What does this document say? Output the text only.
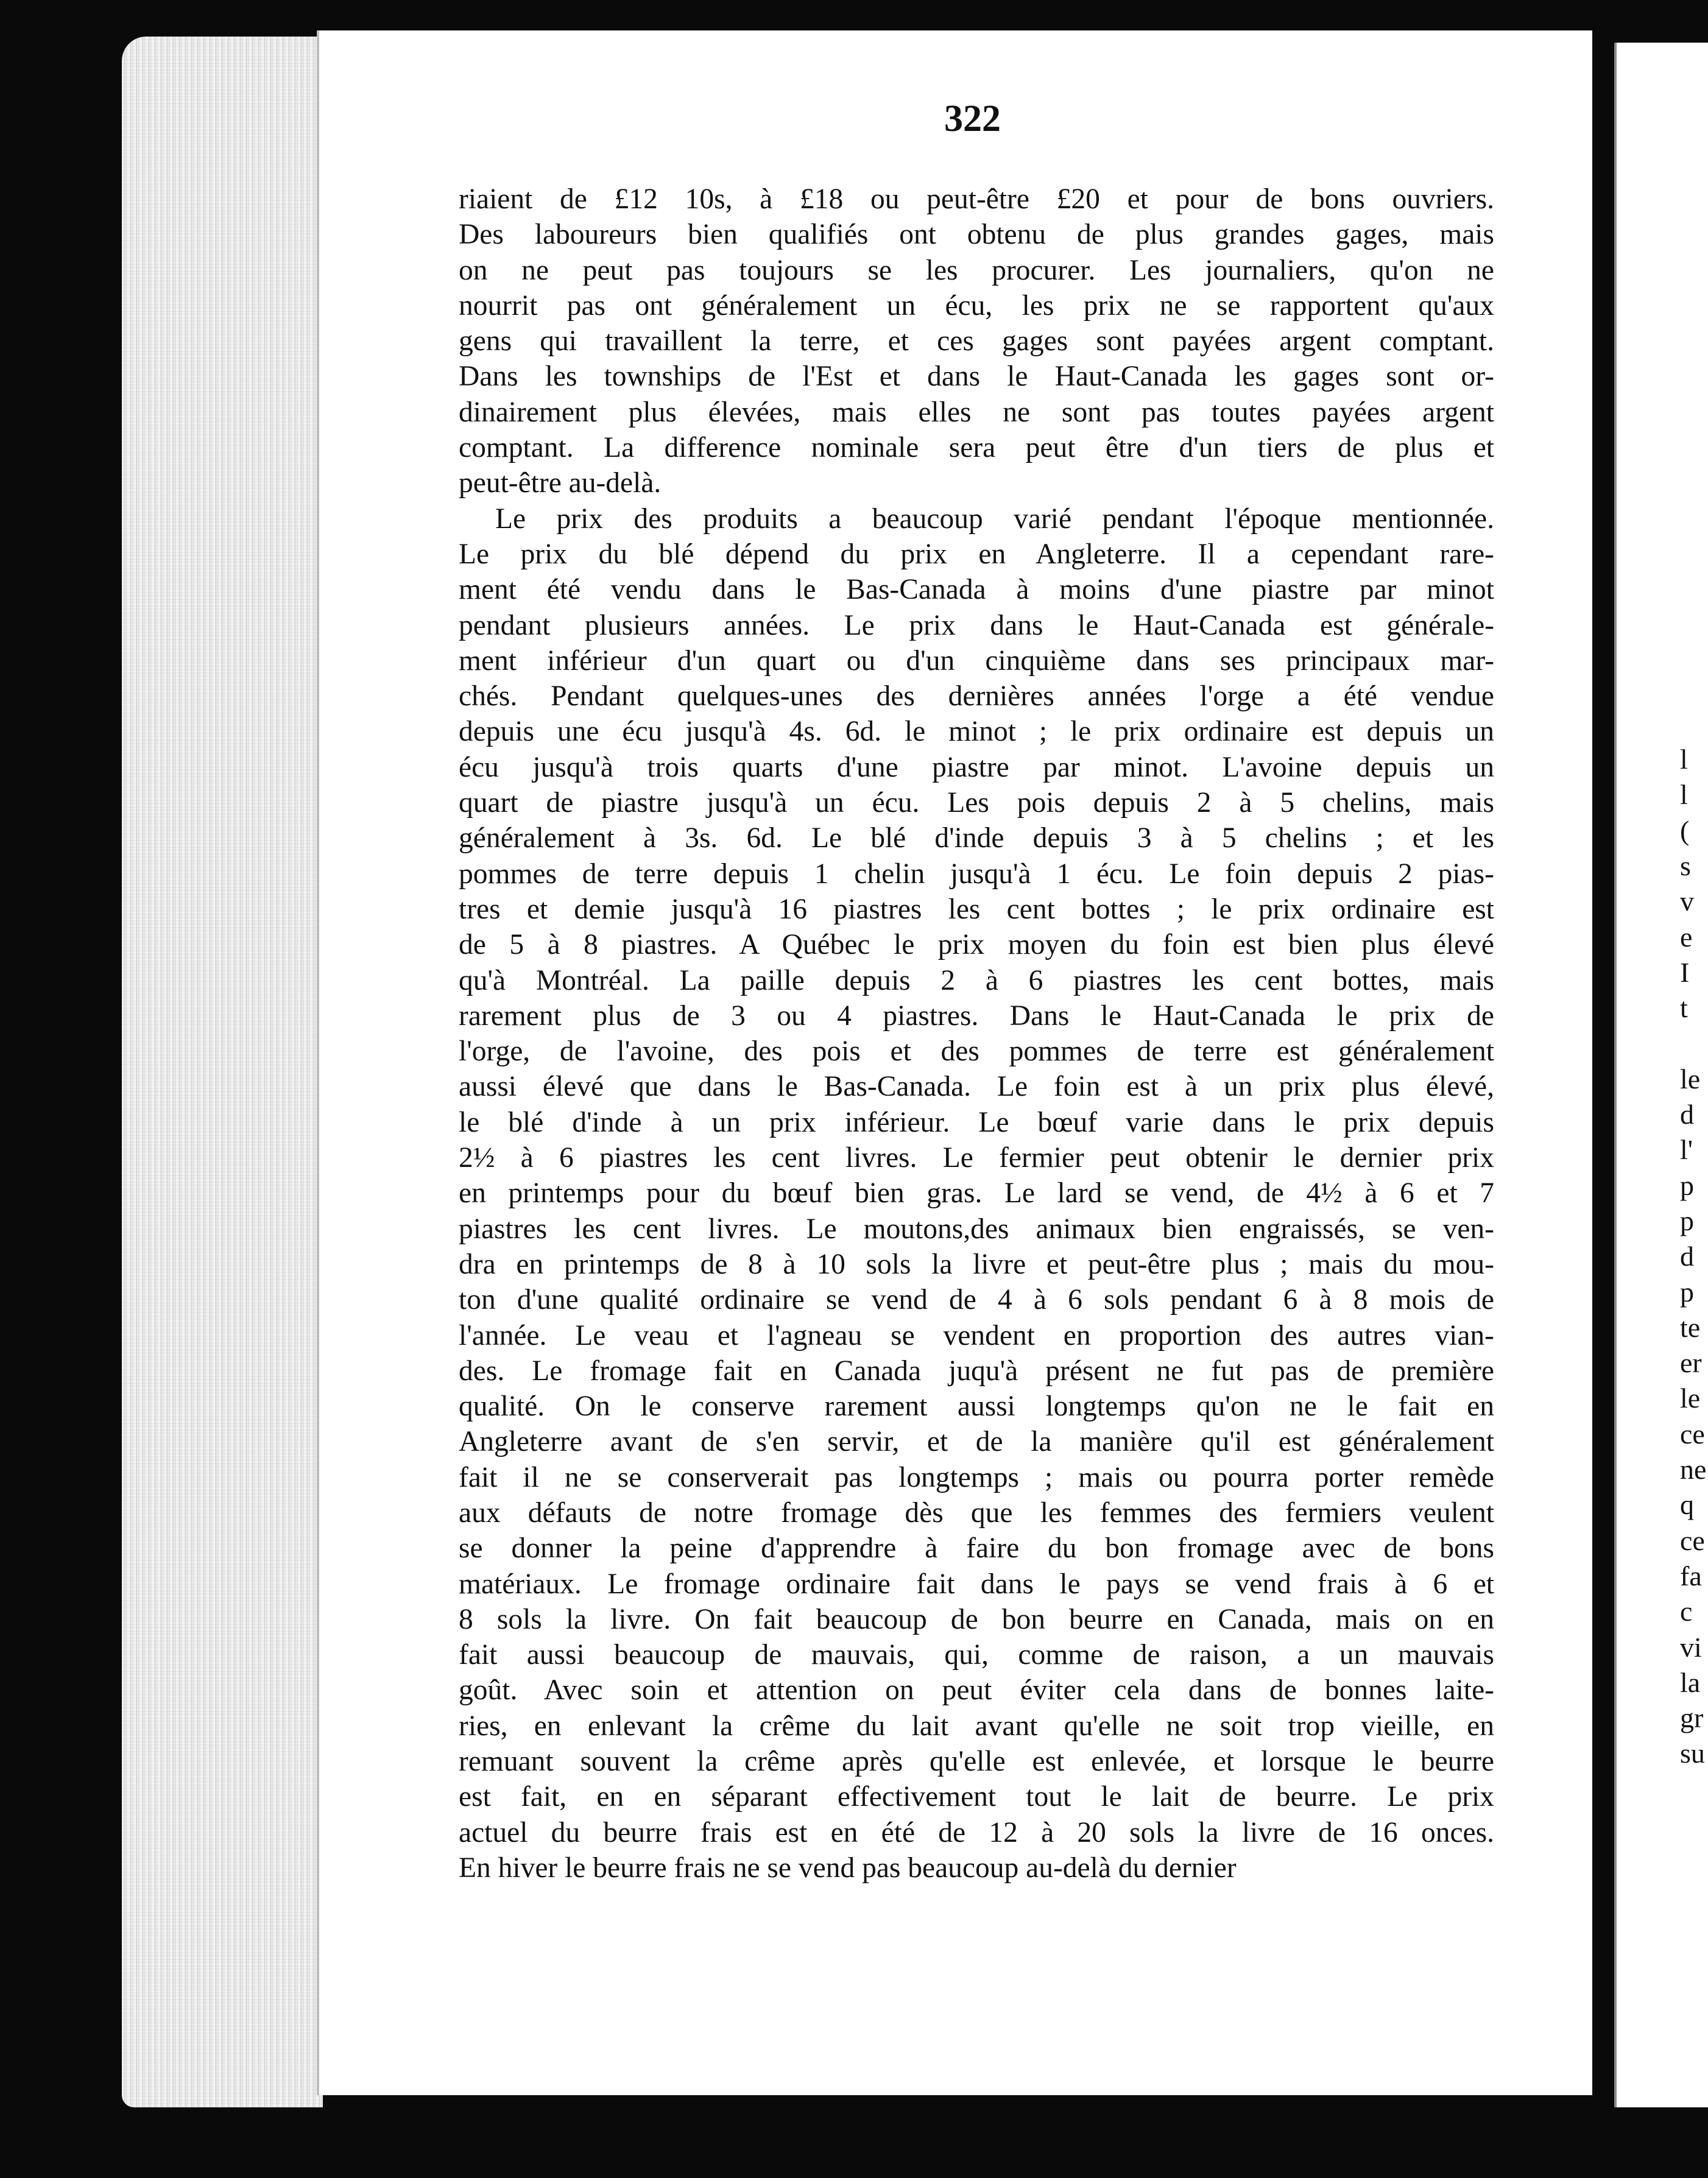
322
riaient de £12 10s, à £18 ou peut-être £20 et pour de bons ouvriers.
Des laboureurs bien qualifiés ont obtenu de plus grandes gages, mais
on ne peut pas toujours se les procurer. Les journaliers, qu'on ne
nourrit pas ont généralement un écu, les prix ne se rapportent qu'aux
gens qui travaillent la terre, et ces gages sont payées argent comptant.
Dans les townships de l'Est et dans le Haut-Canada les gages sont or-
dinairement plus élevées, mais elles ne sont pas toutes payées argent
comptant. La difference nominale sera peut être d'un tiers de plus et
peut-être au-delà.
Le prix des produits a beaucoup varié pendant l'époque mentionnée.
Le prix du blé dépend du prix en Angleterre. Il a cependant rare-
ment été vendu dans le Bas-Canada à moins d'une piastre par minot
pendant plusieurs années. Le prix dans le Haut-Canada est générale-
ment inférieur d'un quart ou d'un cinquième dans ses principaux mar-
chés. Pendant quelques-unes des dernières années l'orge a été vendue
depuis une écu jusqu'à 4s. 6d. le minot ; le prix ordinaire est depuis un
écu jusqu'à trois quarts d'une piastre par minot. L'avoine depuis un
quart de piastre jusqu'à un écu. Les pois depuis 2 à 5 chelins, mais
généralement à 3s. 6d. Le blé d'inde depuis 3 à 5 chelins ; et les
pommes de terre depuis 1 chelin jusqu'à 1 écu. Le foin depuis 2 pias-
tres et demie jusqu'à 16 piastres les cent bottes ; le prix ordinaire est
de 5 à 8 piastres. A Québec le prix moyen du foin est bien plus élevé
qu'à Montréal. La paille depuis 2 à 6 piastres les cent bottes, mais
rarement plus de 3 ou 4 piastres. Dans le Haut-Canada le prix de
l'orge, de l'avoine, des pois et des pommes de terre est généralement
aussi élevé que dans le Bas-Canada. Le foin est à un prix plus élevé,
le blé d'inde à un prix inférieur. Le bœuf varie dans le prix depuis
2½ à 6 piastres les cent livres. Le fermier peut obtenir le dernier prix
en printemps pour du bœuf bien gras. Le lard se vend, de 4½ à 6 et 7
piastres les cent livres. Le moutons,des animaux bien engraissés, se ven-
dra en printemps de 8 à 10 sols la livre et peut-être plus ; mais du mou-
ton d'une qualité ordinaire se vend de 4 à 6 sols pendant 6 à 8 mois de
l'année. Le veau et l'agneau se vendent en proportion des autres vian-
des. Le fromage fait en Canada juqu'à présent ne fut pas de première
qualité. On le conserve rarement aussi longtemps qu'on ne le fait en
Angleterre avant de s'en servir, et de la manière qu'il est généralement
fait il ne se conserverait pas longtemps ; mais ou pourra porter remède
aux défauts de notre fromage dès que les femmes des fermiers veulent
se donner la peine d'apprendre à faire du bon fromage avec de bons
matériaux. Le fromage ordinaire fait dans le pays se vend frais à 6 et
8 sols la livre. On fait beaucoup de bon beurre en Canada, mais on en
fait aussi beaucoup de mauvais, qui, comme de raison, a un mauvais
goût. Avec soin et attention on peut éviter cela dans de bonnes laite-
ries, en enlevant la crême du lait avant qu'elle ne soit trop vieille, en
remuant souvent la crême après qu'elle est enlevée, et lorsque le beurre
est fait, en en séparant effectivement tout le lait de beurre. Le prix
actuel du beurre frais est en été de 12 à 20 sols la livre de 16 onces.
En hiver le beurre frais ne se vend pas beaucoup au-delà du dernier
l
l
(
s
v
e
I
t
le
d
l'
p
p
d
p
te
er
le
ce
ne
q
ce
fa
c
vi
la
gr
su
